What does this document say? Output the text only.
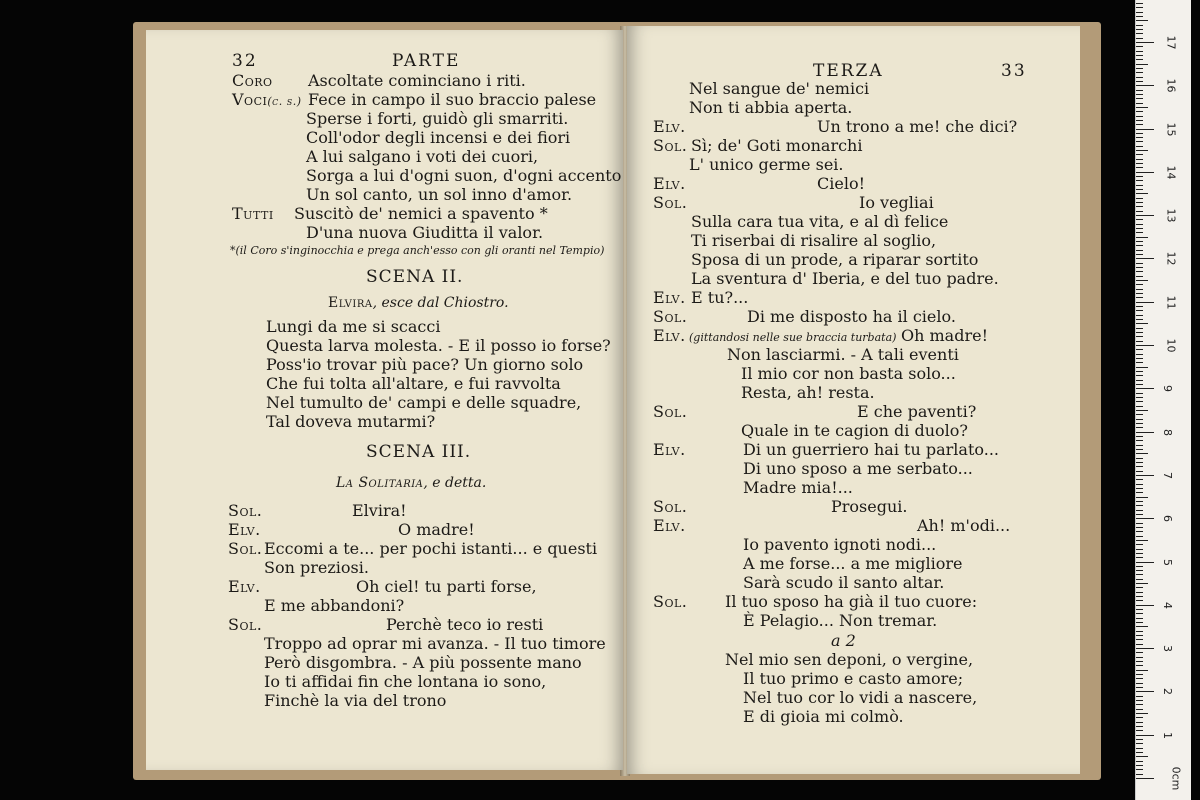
32	PARTE
Coro Ascoltate cominciano i riti.
Voci(c. s.) Fece in campo il suo braccio palese
Sperse i forti, guidò gli smarriti.
Coll'odor degli incensi e dei fiori
A lui salgano i voti dei cuori,
Sorga a lui d'ogni suon, d'ogni accento
Un sol canto, un sol inno d'amor.
Tutti Suscitò de' nemici a spavento *
D'una nuova Giuditta il valor.
*(il Coro s'inginocchia e prega anch'esso con gli oranti nel Tempio)
SCENA II.
Elvira, esce dal Chiostro.
Lungi da me si scacci
Questa larva molesta. - E il posso io forse?
Poss'io trovar più pace? Un giorno solo
Che fui tolta all'altare, e fui ravvolta
Nel tumulto de' campi e delle squadre,
Tal doveva mutarmi?
SCENA III.
La Solitaria, e detta.
Sol.	Elvira!
Elv.	O madre!
Sol. Eccomi a te... per pochi istanti... e questi
Son preziosi.
Elv.	Oh ciel! tu parti forse,
E me abbandoni?
Sol.	Perchè teco io resti
Troppo ad oprar mi avanza. - Il tuo timore
Però disgombra. - A più possente mano
Io ti affidai fin che lontana io sono,
Finchè la via del trono
TERZA	33
Nel sangue de' nemici
Non ti abbia aperta.
Elv.	Un trono a me! che dici?
Sol. Sì; de' Goti monarchi
L' unico germe sei.
Elv.	Cielo!
Sol.	Io vegliai
Sulla cara tua vita, e al dì felice
Ti riserbai di risalire al soglio,
Sposa di un prode, a riparar sortito
La sventura d' Iberia, e del tuo padre.
Elv. E tu?...
Sol.	Di me disposto ha il cielo.
Elv. (gittandosi nelle sue braccia turbata) Oh madre!
Non lasciarmi. - A tali eventi
Il mio cor non basta solo...
Resta, ah! resta.
Sol.	E che paventi?
Quale in te cagion di duolo?
Elv.	Di un guerriero hai tu parlato...
Di uno sposo a me serbato...
Madre mia!...
Sol.	Prosegui.
Elv.	Ah! m'odi...
Io pavento ignoti nodi...
A me forse... a me migliore
Sarà scudo il santo altar.
Sol. Il tuo sposo ha già il tuo cuore:
È Pelagio... Non tremar.
a 2
Nel mio sen deponi, o vergine,
Il tuo primo e casto amore;
Nel tuo cor lo vidi a nascere,
E di gioia mi colmò.
0cm
1
2
3
4
5
6
7
8
9
10
11
12
13
14
15
16
17
